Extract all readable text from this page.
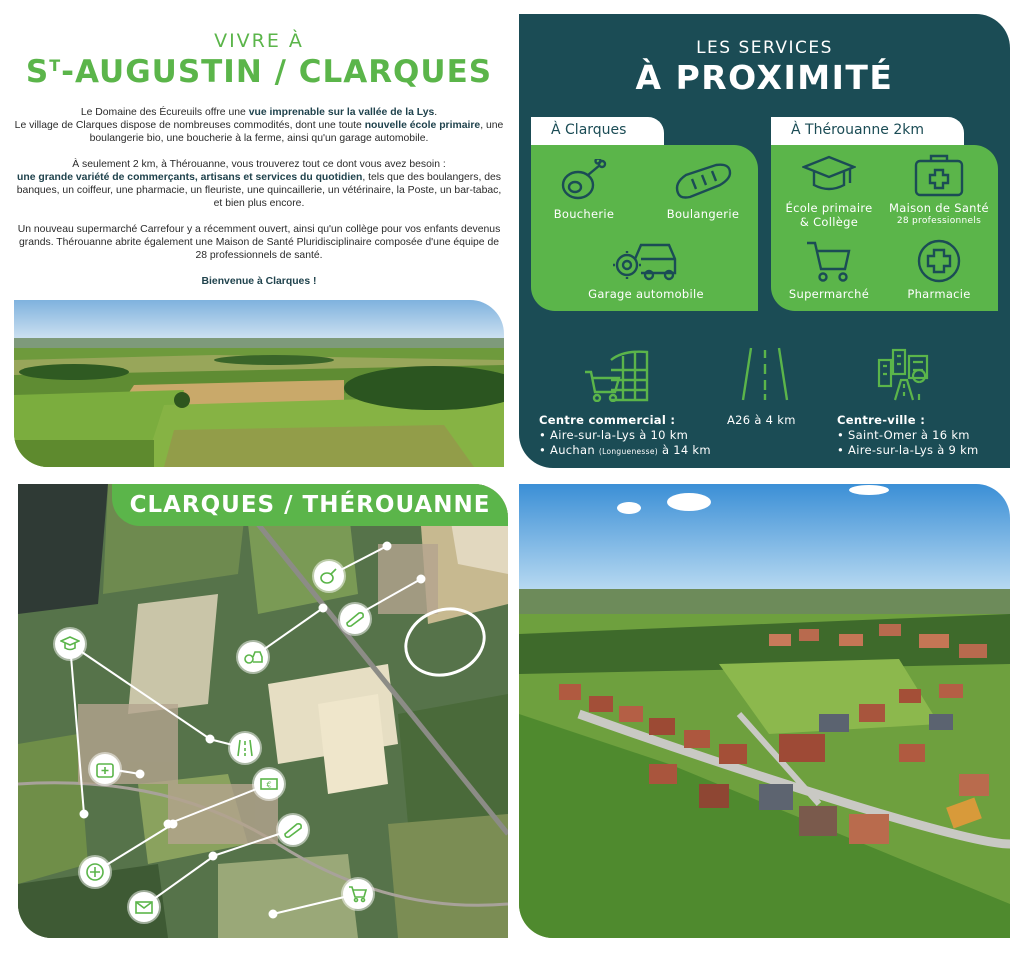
VIVRE À
$S^T$-AUGUSTIN / CLARQUES

Le Domaine des Écureuils offre une vue imprenable sur la vallée de la Lys.
Le village de Clarques dispose de nombreuses commodités, dont une toute nouvelle école primaire, une boulangerie bio, une boucherie à la ferme, ainsi qu'un garage automobile.

À seulement 2 km, à Thérouanne, vous trouverez tout ce dont vous avez besoin :
une grande variété de commerçants, artisans et services du quotidien, tels que des boulangers, des banques, un coiffeur, une pharmacie, un fleuriste, une quincaillerie, un vétérinaire, la Poste, un bar-tabac, et bien plus encore.

Un nouveau supermarché Carrefour y a récemment ouvert, ainsi qu'un collège pour vos enfants devenus grands. Thérouanne abrite également une Maison de Santé Pluridisciplinaire composée d'une équipe de 28 professionnels de santé.

Bienvenue à Clarques !

LES SERVICES
À PROXIMITÉ
À Clarques
Boucherie	Boulangerie
Garage automobile
À Thérouanne 2km
École primaire
& Collège
Maison de Santé
28 professionnels
Supermarché	Pharmacie
Centre commercial :
• Aire-sur-la-Lys à 10 km
• Auchan (Longuenesse) à 14 km
A26 à 4 km	Centre-ville :
• Saint-Omer à 16 km
• Aire-sur-la-Lys à 9 km
CLARQUES / THÉROUANNE
€
